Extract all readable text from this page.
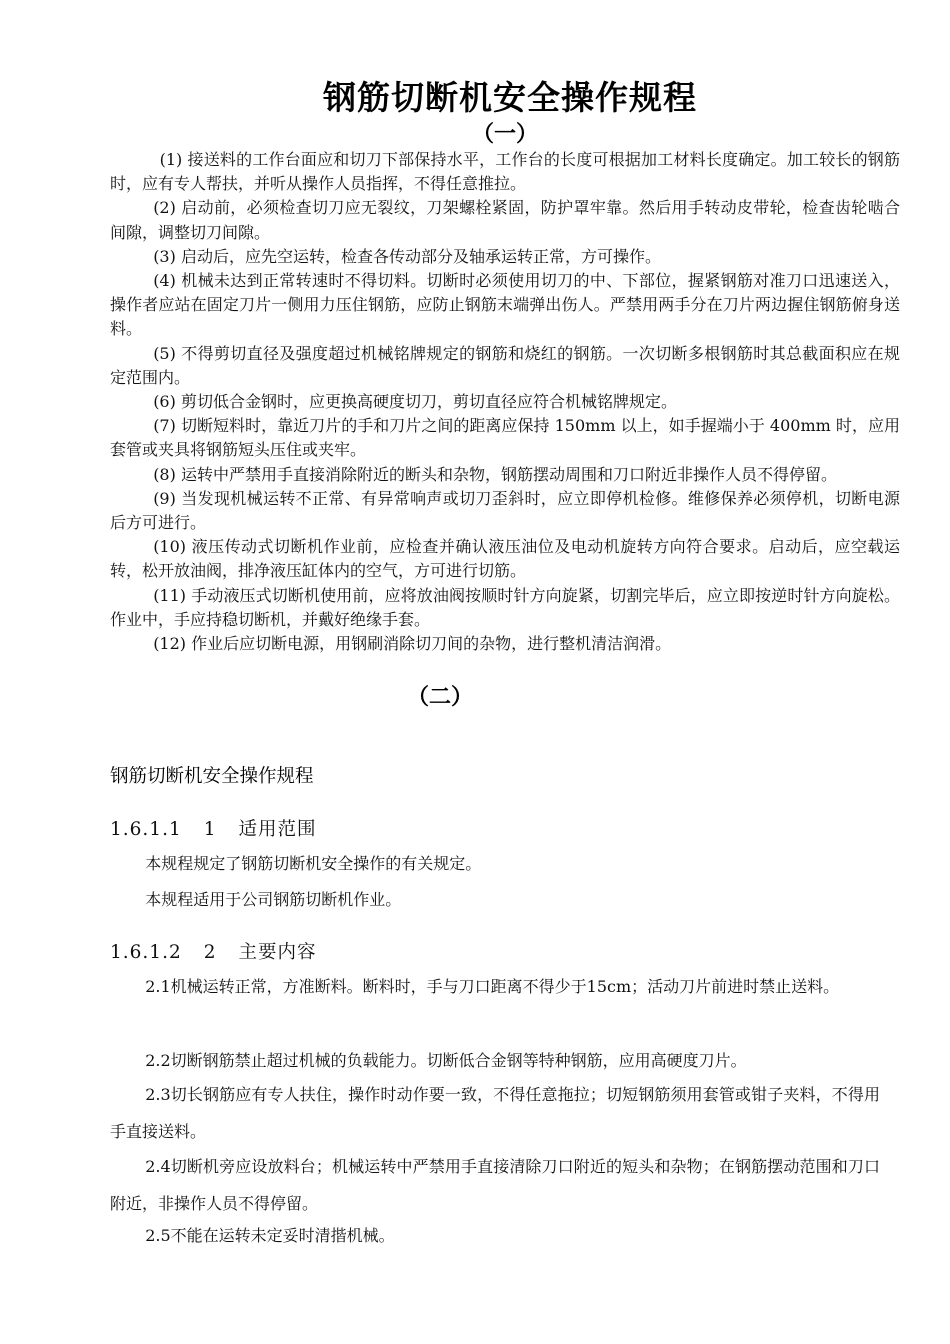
钢筋切断机安全操作规程
（一）

(1) 接送料的工作台面应和切刀下部保持水平，工作台的长度可根据加工材料长度确定。加工较长的钢筋时，应有专人帮扶，并听从操作人员指挥，不得任意推拉。

(2) 启动前，必须检查切刀应无裂纹，刀架螺栓紧固，防护罩牢靠。然后用手转动皮带轮，检查齿轮啮合间隙，调整切刀间隙。

(3) 启动后，应先空运转，检查各传动部分及轴承运转正常，方可操作。

(4) 机械未达到正常转速时不得切料。切断时必须使用切刀的中、下部位，握紧钢筋对准刀口迅速送入，操作者应站在固定刀片一侧用力压住钢筋，应防止钢筋末端弹出伤人。严禁用两手分在刀片两边握住钢筋俯身送料。

(5) 不得剪切直径及强度超过机械铭牌规定的钢筋和烧红的钢筋。一次切断多根钢筋时其总截面积应在规定范围内。

(6) 剪切低合金钢时，应更换高硬度切刀，剪切直径应符合机械铭牌规定。

(7) 切断短料时，靠近刀片的手和刀片之间的距离应保持 150mm 以上，如手握端小于 400mm 时，应用套管或夹具将钢筋短头压住或夹牢。

(8) 运转中严禁用手直接消除附近的断头和杂物，钢筋摆动周围和刀口附近非操作人员不得停留。

(9) 当发现机械运转不正常、有异常响声或切刀歪斜时，应立即停机检修。维修保养必须停机，切断电源后方可进行。

(10) 液压传动式切断机作业前，应检查并确认液压油位及电动机旋转方向符合要求。启动后，应空载运转，松开放油阀，排净液压缸体内的空气，方可进行切筋。

(11) 手动液压式切断机使用前，应将放油阀按顺时针方向旋紧，切割完毕后，应立即按逆时针方向旋松。作业中，手应持稳切断机，并戴好绝缘手套。

(12) 作业后应切断电源，用钢刷消除切刀间的杂物，进行整机清洁润滑。

（二）
钢筋切断机安全操作规程
1.6.1.1 1 适用范围

本规程规定了钢筋切断机安全操作的有关规定。

本规程适用于公司钢筋切断机作业。

1.6.1.2 2 主要内容

2.1机械运转正常，方准断料。断料时，手与刀口距离不得少于15cm；活动刀片前进时禁止送料。

2.2切断钢筋禁止超过机械的负载能力。切断低合金钢等特种钢筋，应用高硬度刀片。

2.3切长钢筋应有专人扶住，操作时动作要一致，不得任意拖拉；切短钢筋须用套管或钳子夹料，不得用手直接送料。

2.4切断机旁应设放料台；机械运转中严禁用手直接清除刀口附近的短头和杂物；在钢筋摆动范围和刀口附近，非操作人员不得停留。

2.5不能在运转未定妥时清揩机械。
